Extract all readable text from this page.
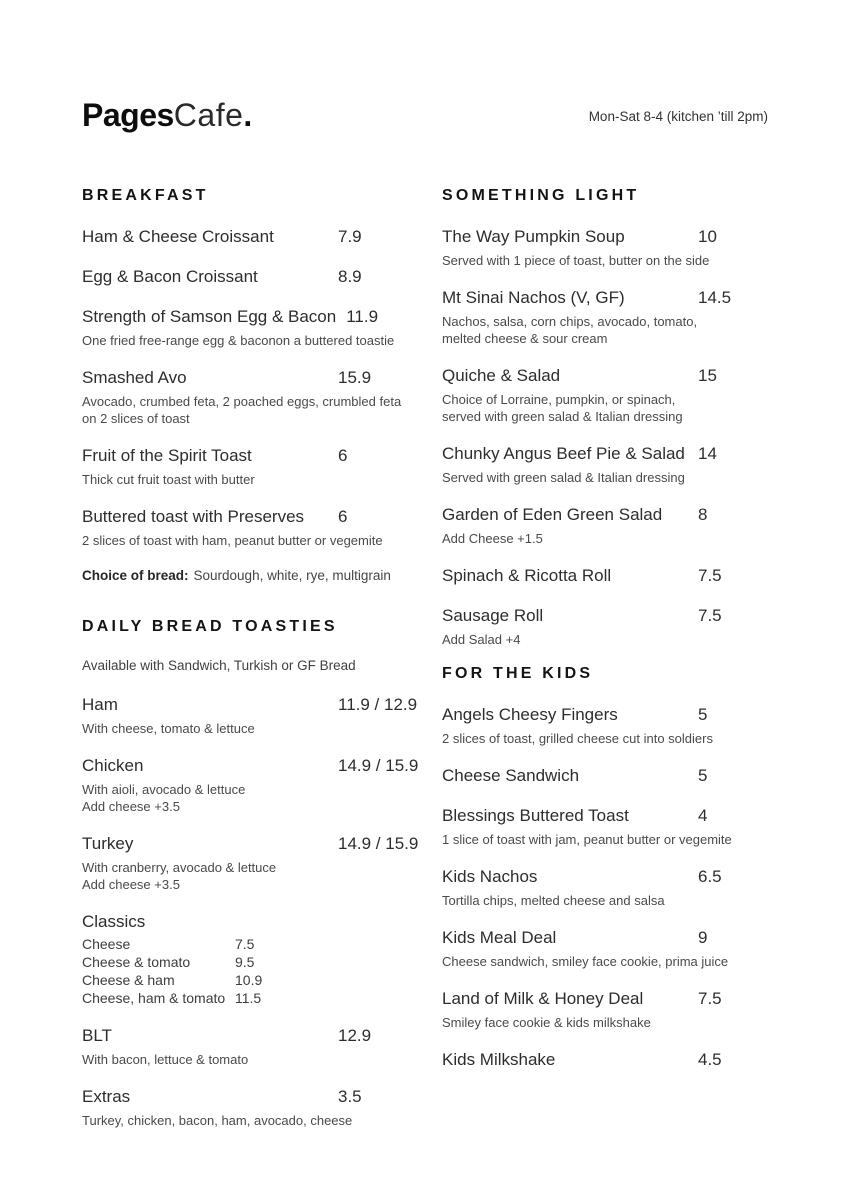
PagesCafe.	Mon-Sat 8-4 (kitchen ’till 2pm)
BREAKFAST
Ham & Cheese Croissant	7.9
Egg & Bacon Croissant	8.9
Strength of Samson Egg & Bacon 11.9
One fried free-range egg & baconon a buttered toastie
Smashed Avo	15.9
Avocado, crumbed feta, 2 poached eggs, crumbled feta
on 2 slices of toast
Fruit of the Spirit Toast	6
Thick cut fruit toast with butter
Buttered toast with Preserves	6
2 slices of toast with ham, peanut butter or vegemite
Choice of bread: Sourdough, white, rye, multigrain
DAILY BREAD TOASTIES
Available with Sandwich, Turkish or GF Bread
Ham	11.9 / 12.9
With cheese, tomato & lettuce
Chicken	14.9 / 15.9
With aioli, avocado & lettuce
Add cheese +3.5
Turkey	14.9 / 15.9
With cranberry, avocado & lettuce
Add cheese +3.5
Classics
Cheese	7.5
Cheese & tomato	9.5
Cheese & ham	10.9
Cheese, ham & tomato 11.5
BLT	12.9
With bacon, lettuce & tomato
Extras	3.5
Turkey, chicken, bacon, ham, avocado, cheese
SOMETHING LIGHT
The Way Pumpkin Soup	10
Served with 1 piece of toast, butter on the side
Mt Sinai Nachos (V, GF)	14.5
Nachos, salsa, corn chips, avocado, tomato,
melted cheese & sour cream
Quiche & Salad	15
Choice of Lorraine, pumpkin, or spinach,
served with green salad & Italian dressing
Chunky Angus Beef Pie & Salad 14
Served with green salad & Italian dressing
Garden of Eden Green Salad	8
Add Cheese +1.5
Spinach & Ricotta Roll	7.5
Sausage Roll	7.5
Add Salad +4
FOR THE KIDS
Angels Cheesy Fingers	5
2 slices of toast, grilled cheese cut into soldiers
Cheese Sandwich	5
Blessings Buttered Toast	4
1 slice of toast with jam, peanut butter or vegemite
Kids Nachos	6.5
Tortilla chips, melted cheese and salsa
Kids Meal Deal	9
Cheese sandwich, smiley face cookie, prima juice
Land of Milk & Honey Deal	7.5
Smiley face cookie & kids milkshake
Kids Milkshake	4.5
